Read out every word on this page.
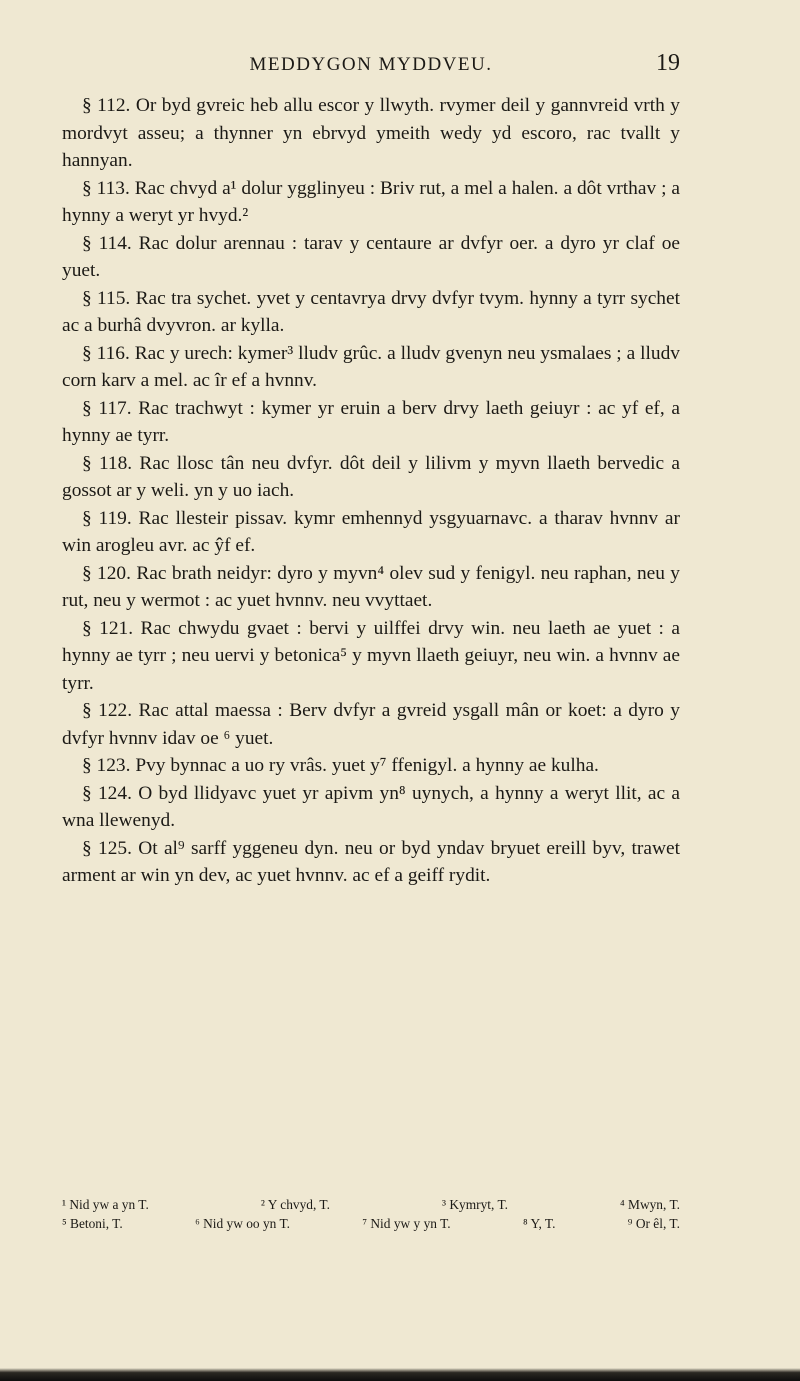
MEDDYGON MYDDVEU.	19

§ 112. Or byd gvreic heb allu escor y llwyth. rvymer deil y gannvreid vrth y mordvyt asseu; a thynner yn ebrvyd ymeith wedy yd escoro, rac tvallt y hannyan.

§ 113. Rac chvyd a¹ dolur ygglinyeu : Briv rut, a mel a halen. a dôt vrthav ; a hynny a weryt yr hvyd.²

§ 114. Rac dolur arennau : tarav y centaure ar dvfyr oer. a dyro yr claf oe yuet.

§ 115. Rac tra sychet. yvet y centavrya drvy dvfyr tvym. hynny a tyrr sychet ac a burhâ dvyvron. ar kylla.

§ 116. Rac y urech: kymer³ lludv grûc. a lludv gvenyn neu ysmalaes ; a lludv corn karv a mel. ac îr ef a hvnnv.

§ 117. Rac trachwyt : kymer yr eruin a berv drvy laeth geiuyr : ac yf ef, a hynny ae tyrr.

§ 118. Rac llosc tân neu dvfyr. dôt deil y lilivm y myvn llaeth bervedic a gossot ar y weli. yn y uo iach.

§ 119. Rac llesteir pissav. kymr emhennyd ysgyuarnavc. a tharav hvnnv ar win arogleu avr. ac ŷf ef.

§ 120. Rac brath neidyr: dyro y myvn⁴ olev sud y fenigyl. neu raphan, neu y rut, neu y wermot : ac yuet hvnnv. neu vvyttaet.

§ 121. Rac chwydu gvaet : bervi y uilffei drvy win. neu laeth ae yuet : a hynny ae tyrr ; neu uervi y betonica⁵ y myvn llaeth geiuyr, neu win. a hvnnv ae tyrr.

§ 122. Rac attal maessa : Berv dvfyr a gvreid ysgall mân or koet: a dyro y dvfyr hvnnv idav oe ⁶ yuet.

§ 123. Pvy bynnac a uo ry vrâs. yuet y⁷ ffenigyl. a hynny ae kulha.

§ 124. O byd llidyavc yuet yr apivm yn⁸ uynych, a hynny a weryt llit, ac a wna llewenyd.

§ 125. Ot al⁹ sarff yggeneu dyn. neu or byd yndav bryuet ereill byv, trawet arment ar win yn dev, ac yuet hvnnv. ac ef a geiff rydit.

¹ Nid yw a yn T.	² Y chvyd, T.	³ Kymryt, T.	⁴ Mwyn, T.
⁵ Betoni, T.	⁶ Nid yw oo yn T.	⁷ Nid yw y yn T.	⁸ Y, T.	⁹ Or êl, T.
